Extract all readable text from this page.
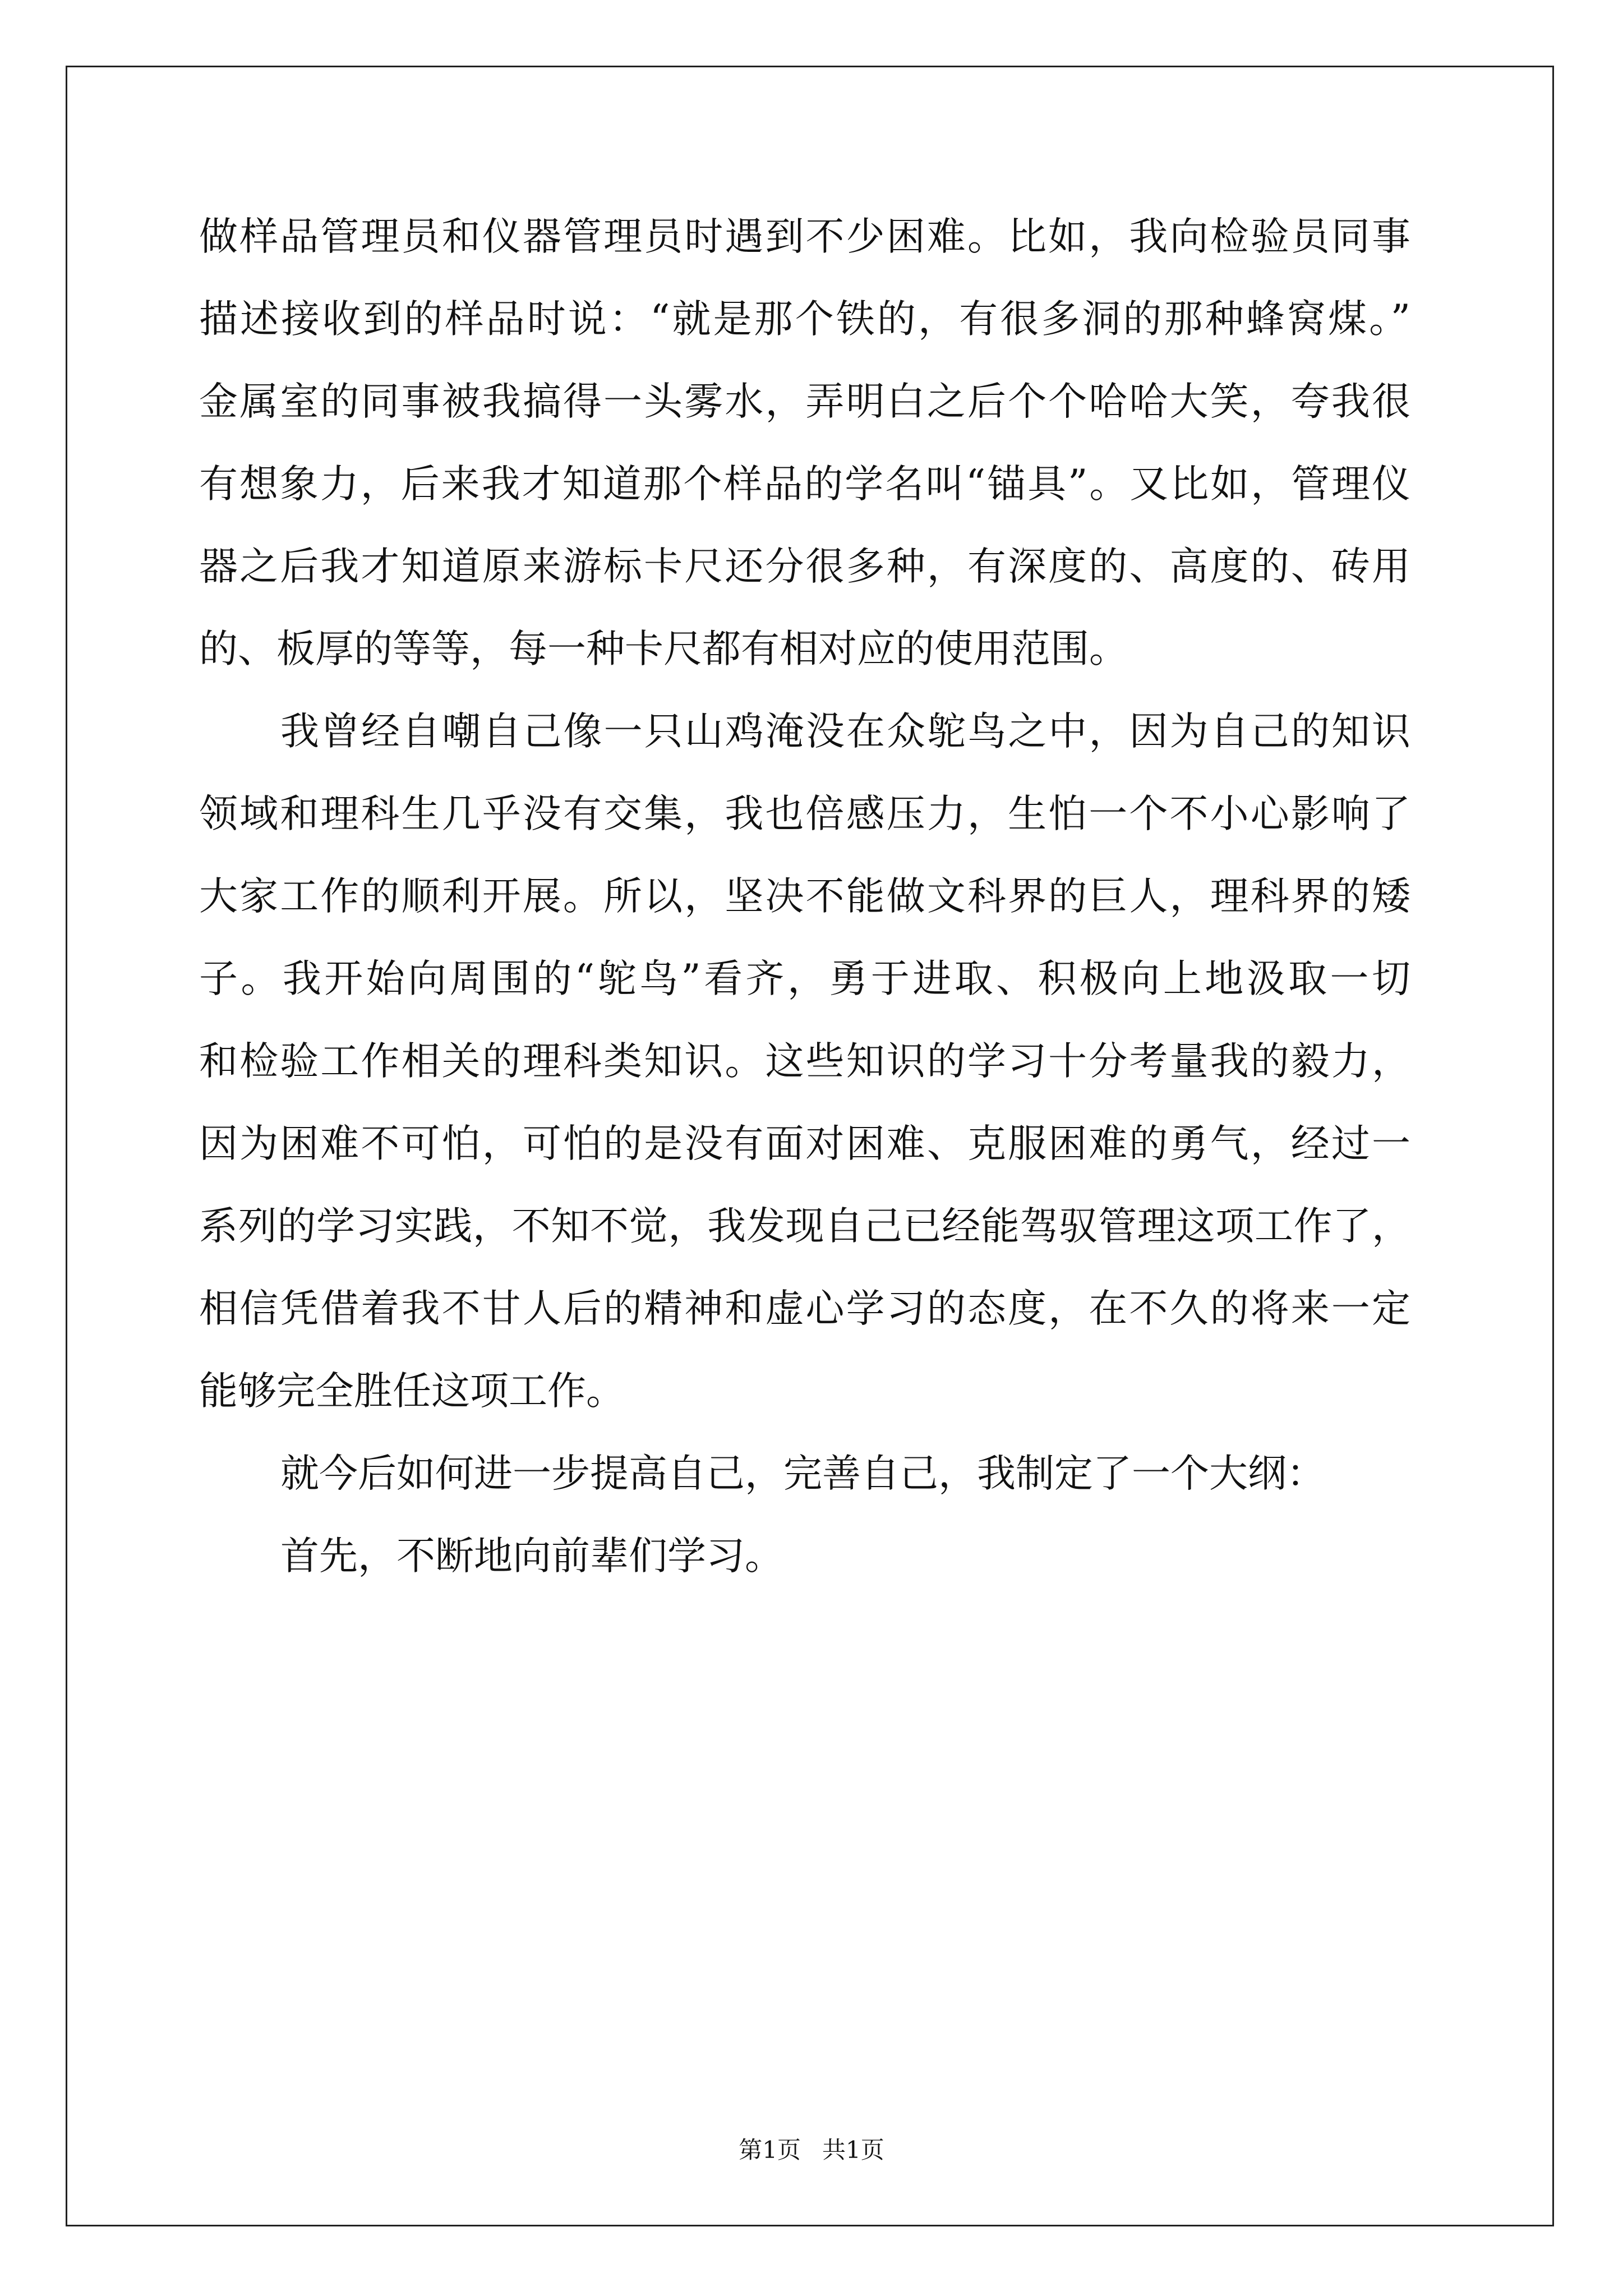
做样品管理员和仪器管理员时遇到不少困难。比如，我向检验员同事
描述接收到的样品时说：“就是那个铁的，有很多洞的那种蜂窝煤。”
金属室的同事被我搞得一头雾水，弄明白之后个个哈哈大笑，夸我很
有想象力，后来我才知道那个样品的学名叫“锚具”。又比如，管理仪
器之后我才知道原来游标卡尺还分很多种，有深度的、高度的、砖用
的、板厚的等等，每一种卡尺都有相对应的使用范围。
我曾经自嘲自己像一只山鸡淹没在众鸵鸟之中，因为自己的知识
领域和理科生几乎没有交集，我也倍感压力，生怕一个不小心影响了
大家工作的顺利开展。所以，坚决不能做文科界的巨人，理科界的矮
子。我开始向周围的“鸵鸟”看齐，勇于进取、积极向上地汲取一切
和检验工作相关的理科类知识。这些知识的学习十分考量我的毅力，
因为困难不可怕，可怕的是没有面对困难、克服困难的勇气，经过一
系列的学习实践，不知不觉，我发现自己已经能驾驭管理这项工作了，
相信凭借着我不甘人后的精神和虚心学习的态度，在不久的将来一定
能够完全胜任这项工作。
就今后如何进一步提高自己，完善自己，我制定了一个大纲：
首先，不断地向前辈们学习。
第1页 共1页
